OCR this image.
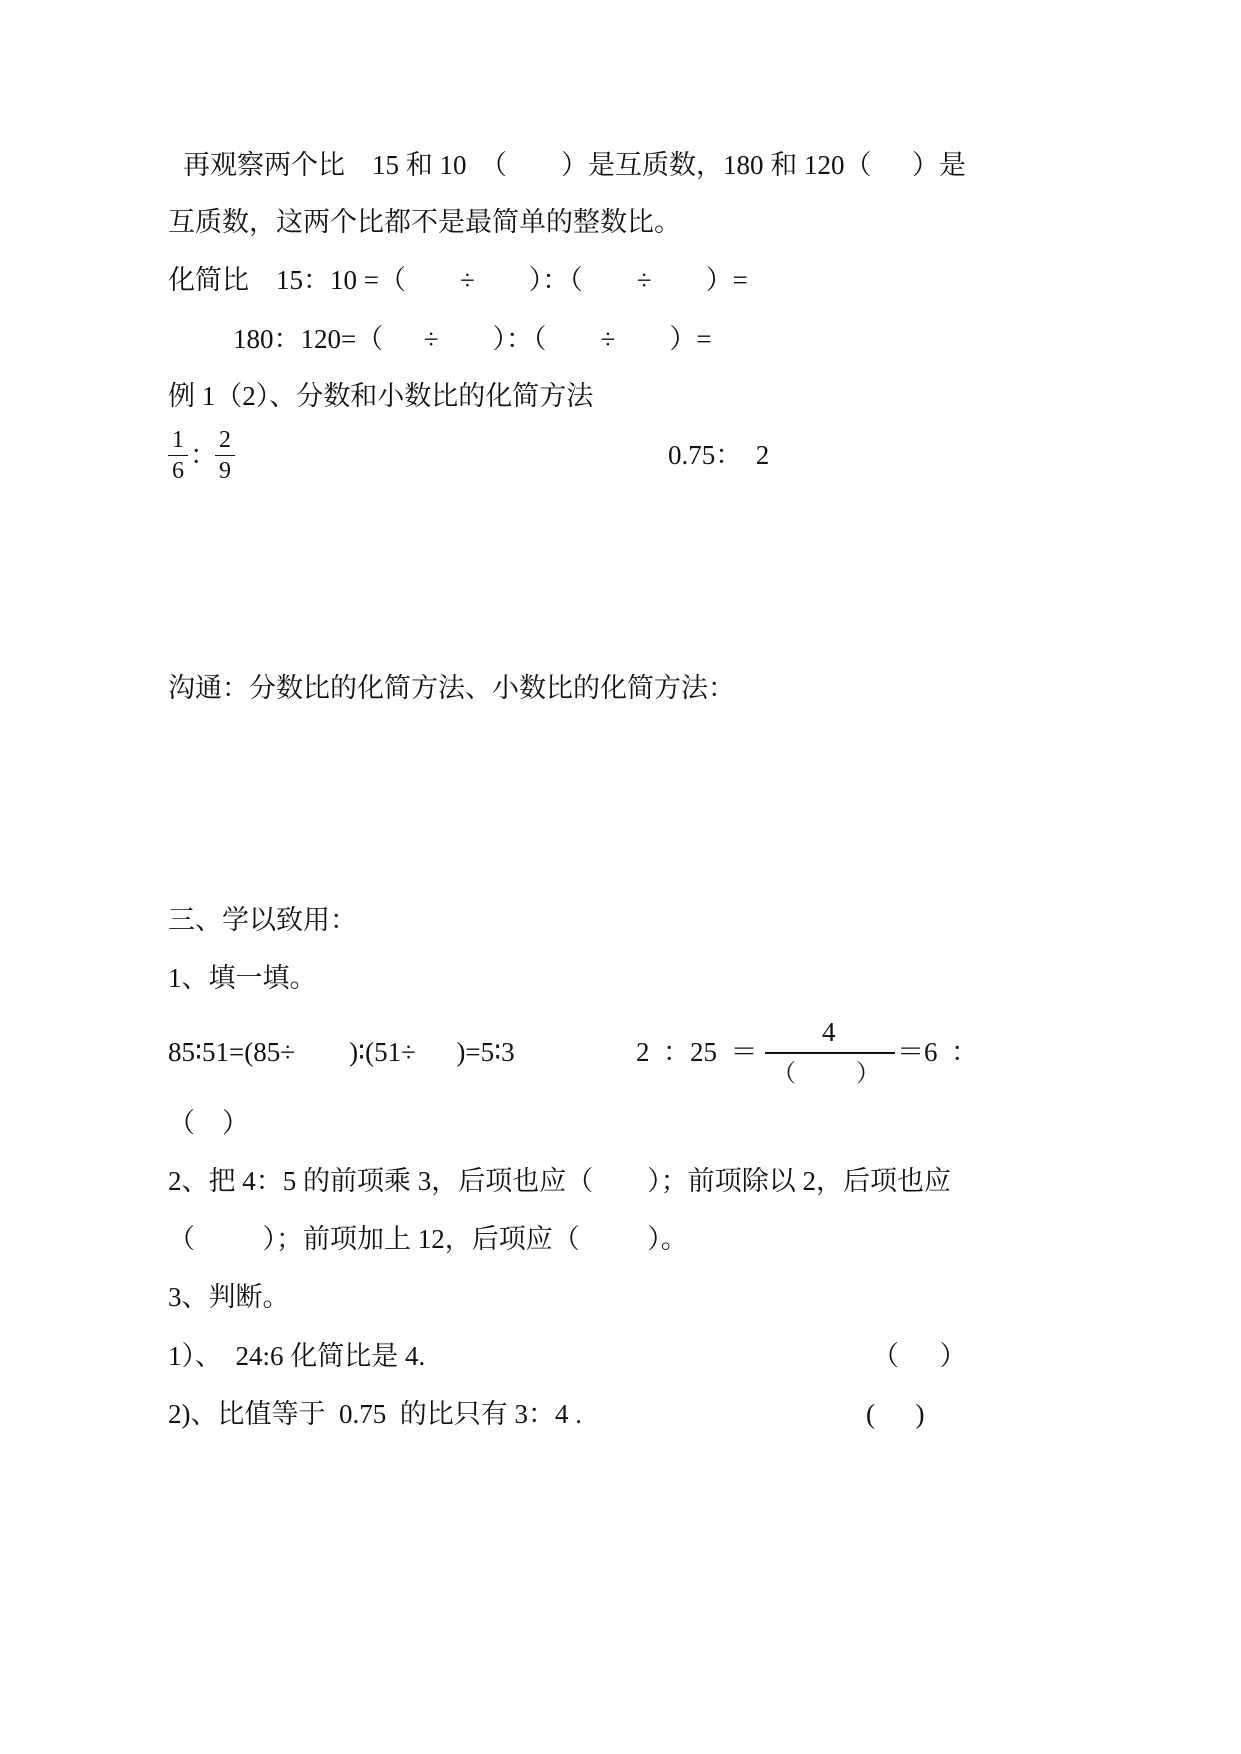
再观察两个比    15 和 10  （        ）是互质数，180 和 120（      ）是
互质数，这两个比都不是最简单的整数比。
化简比    15：10 =（        ÷        ）：（        ÷        ）=
180：120=（      ÷        ）：（        ÷        ）=
例 1（2）、分数和小数比的化简方法
1
6
： 2
9
0.75：  2
沟通：分数比的化简方法、小数比的化简方法：
三、学以致用：
1、填一填。
85∶51=(85÷        )∶(51÷      )=5∶3	2  ：25  ＝
4
（          ）
＝6  ：
（    ）
2、把 4：5 的前项乘 3，后项也应（        ）；前项除以 2，后项也应
（          ）；前项加上 12，后项应（          ）。
3、判断。
1）、  24:6 化简比是 4.	（      ）
2)、比值等于  0.75  的比只有 3：4 .	(      )
